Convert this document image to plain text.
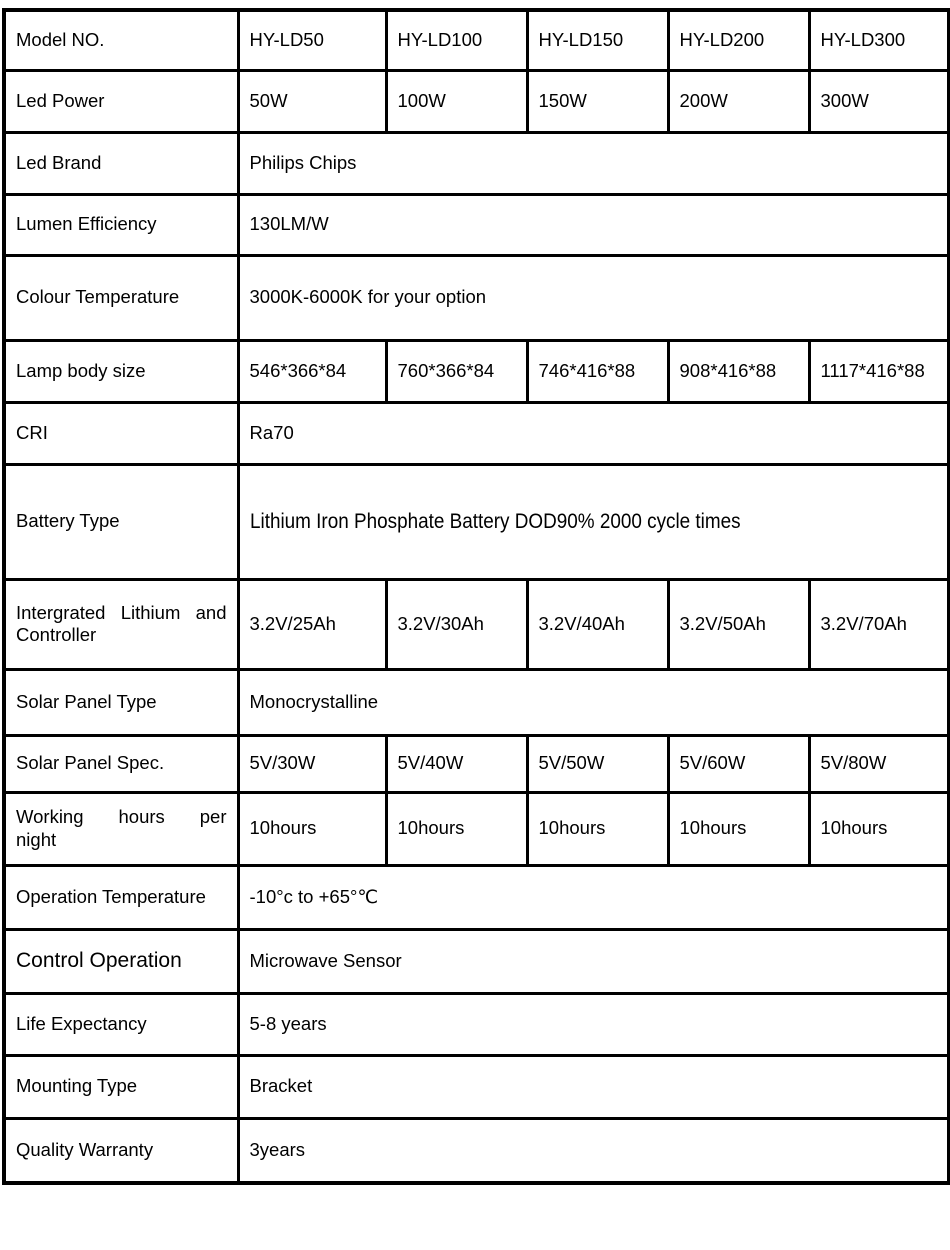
Model NO.	HY-LD50	HY-LD100	HY-LD150	HY-LD200	HY-LD300
Led Power	50W	100W	150W	200W	300W
Led Brand	Philips Chips				
Lumen Efficiency	130LM/W				
Colour Temperature	3000K-6000K for your option				
Lamp body size	546*366*84	760*366*84	746*416*88	908*416*88	1117*416*88
CRI	Ra70				
Battery Type	Lithium Iron Phosphate Battery DOD90% 2000 cycle times				
Intergrated Lithium and Controller	3.2V/25Ah	3.2V/30Ah	3.2V/40Ah	3.2V/50Ah	3.2V/70Ah
Solar Panel Type	Monocrystalline				
Solar Panel Spec.	5V/30W	5V/40W	5V/50W	5V/60W	5V/80W
Working hours per night	10hours	10hours	10hours	10hours	10hours
Operation Temperature	-10°c to +65°℃				
Control Operation	Microwave Sensor				
Life Expectancy	5-8 years				
Mounting Type	Bracket				
Quality Warranty	3years				
